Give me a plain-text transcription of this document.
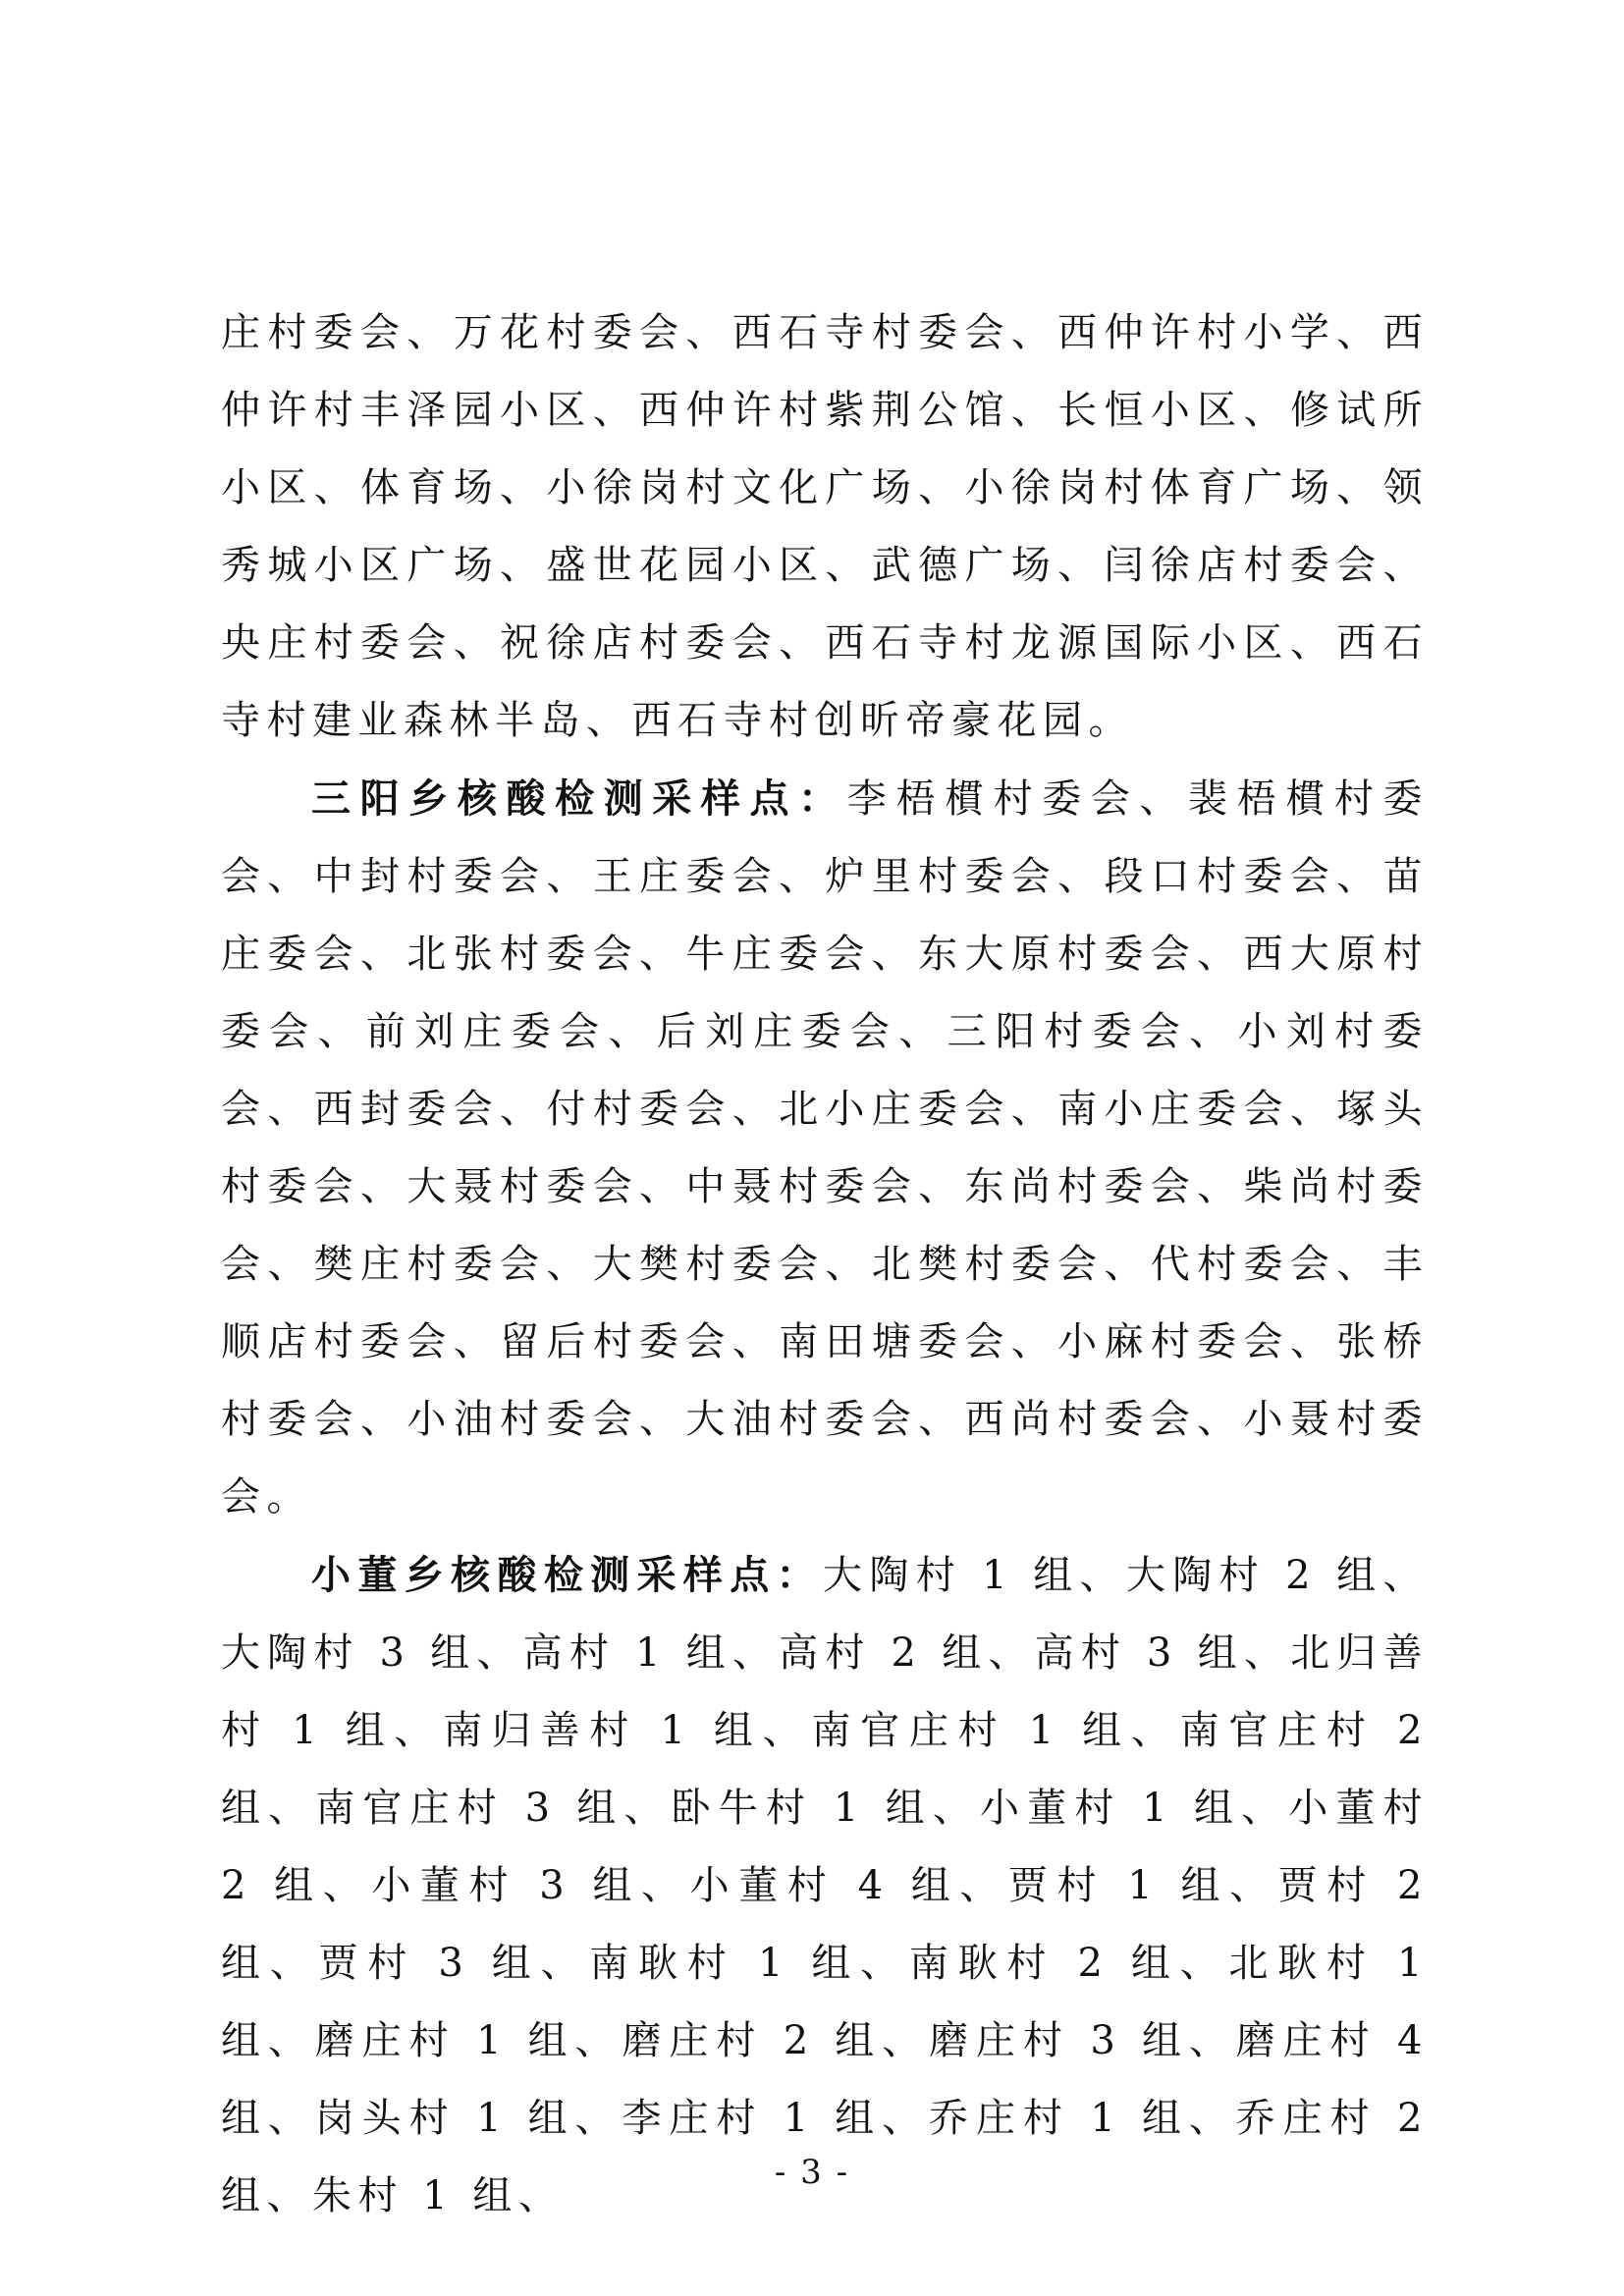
庄村委会、万花村委会、西石寺村委会、西仲许村小学、西仲许村丰泽园小区、西仲许村紫荆公馆、长恒小区、修试所小区、体育场、小徐岗村文化广场、小徐岗村体育广场、领秀城小区广场、盛世花园小区、武德广场、闫徐店村委会、央庄村委会、祝徐店村委会、西石寺村龙源国际小区、西石寺村建业森林半岛、西石寺村创昕帝豪花园。

三阳乡核酸检测采样点：李梧樌村委会、裴梧樌村委会、中封村委会、王庄委会、炉里村委会、段口村委会、苗庄委会、北张村委会、牛庄委会、东大原村委会、西大原村委会、前刘庄委会、后刘庄委会、三阳村委会、小刘村委会、西封委会、付村委会、北小庄委会、南小庄委会、塚头村委会、大聂村委会、中聂村委会、东尚村委会、柴尚村委会、樊庄村委会、大樊村委会、北樊村委会、代村委会、丰顺店村委会、留后村委会、南田塘委会、小麻村委会、张桥村委会、小油村委会、大油村委会、西尚村委会、小聂村委会。

小董乡核酸检测采样点：大陶村 1 组、大陶村 2 组、大陶村 3 组、高村 1 组、高村 2 组、高村 3 组、北归善村 1 组、南归善村 1 组、南官庄村 1 组、南官庄村 2 组、南官庄村 3 组、卧牛村 1 组、小董村 1 组、小董村 2 组、小董村 3 组、小董村 4 组、贾村 1 组、贾村 2 组、贾村 3 组、南耿村 1 组、南耿村 2 组、北耿村 1 组、磨庄村 1 组、磨庄村 2 组、磨庄村 3 组、磨庄村 4 组、岗头村 1 组、李庄村 1 组、乔庄村 1 组、乔庄村 2 组、朱村 1 组、

- 3 -
